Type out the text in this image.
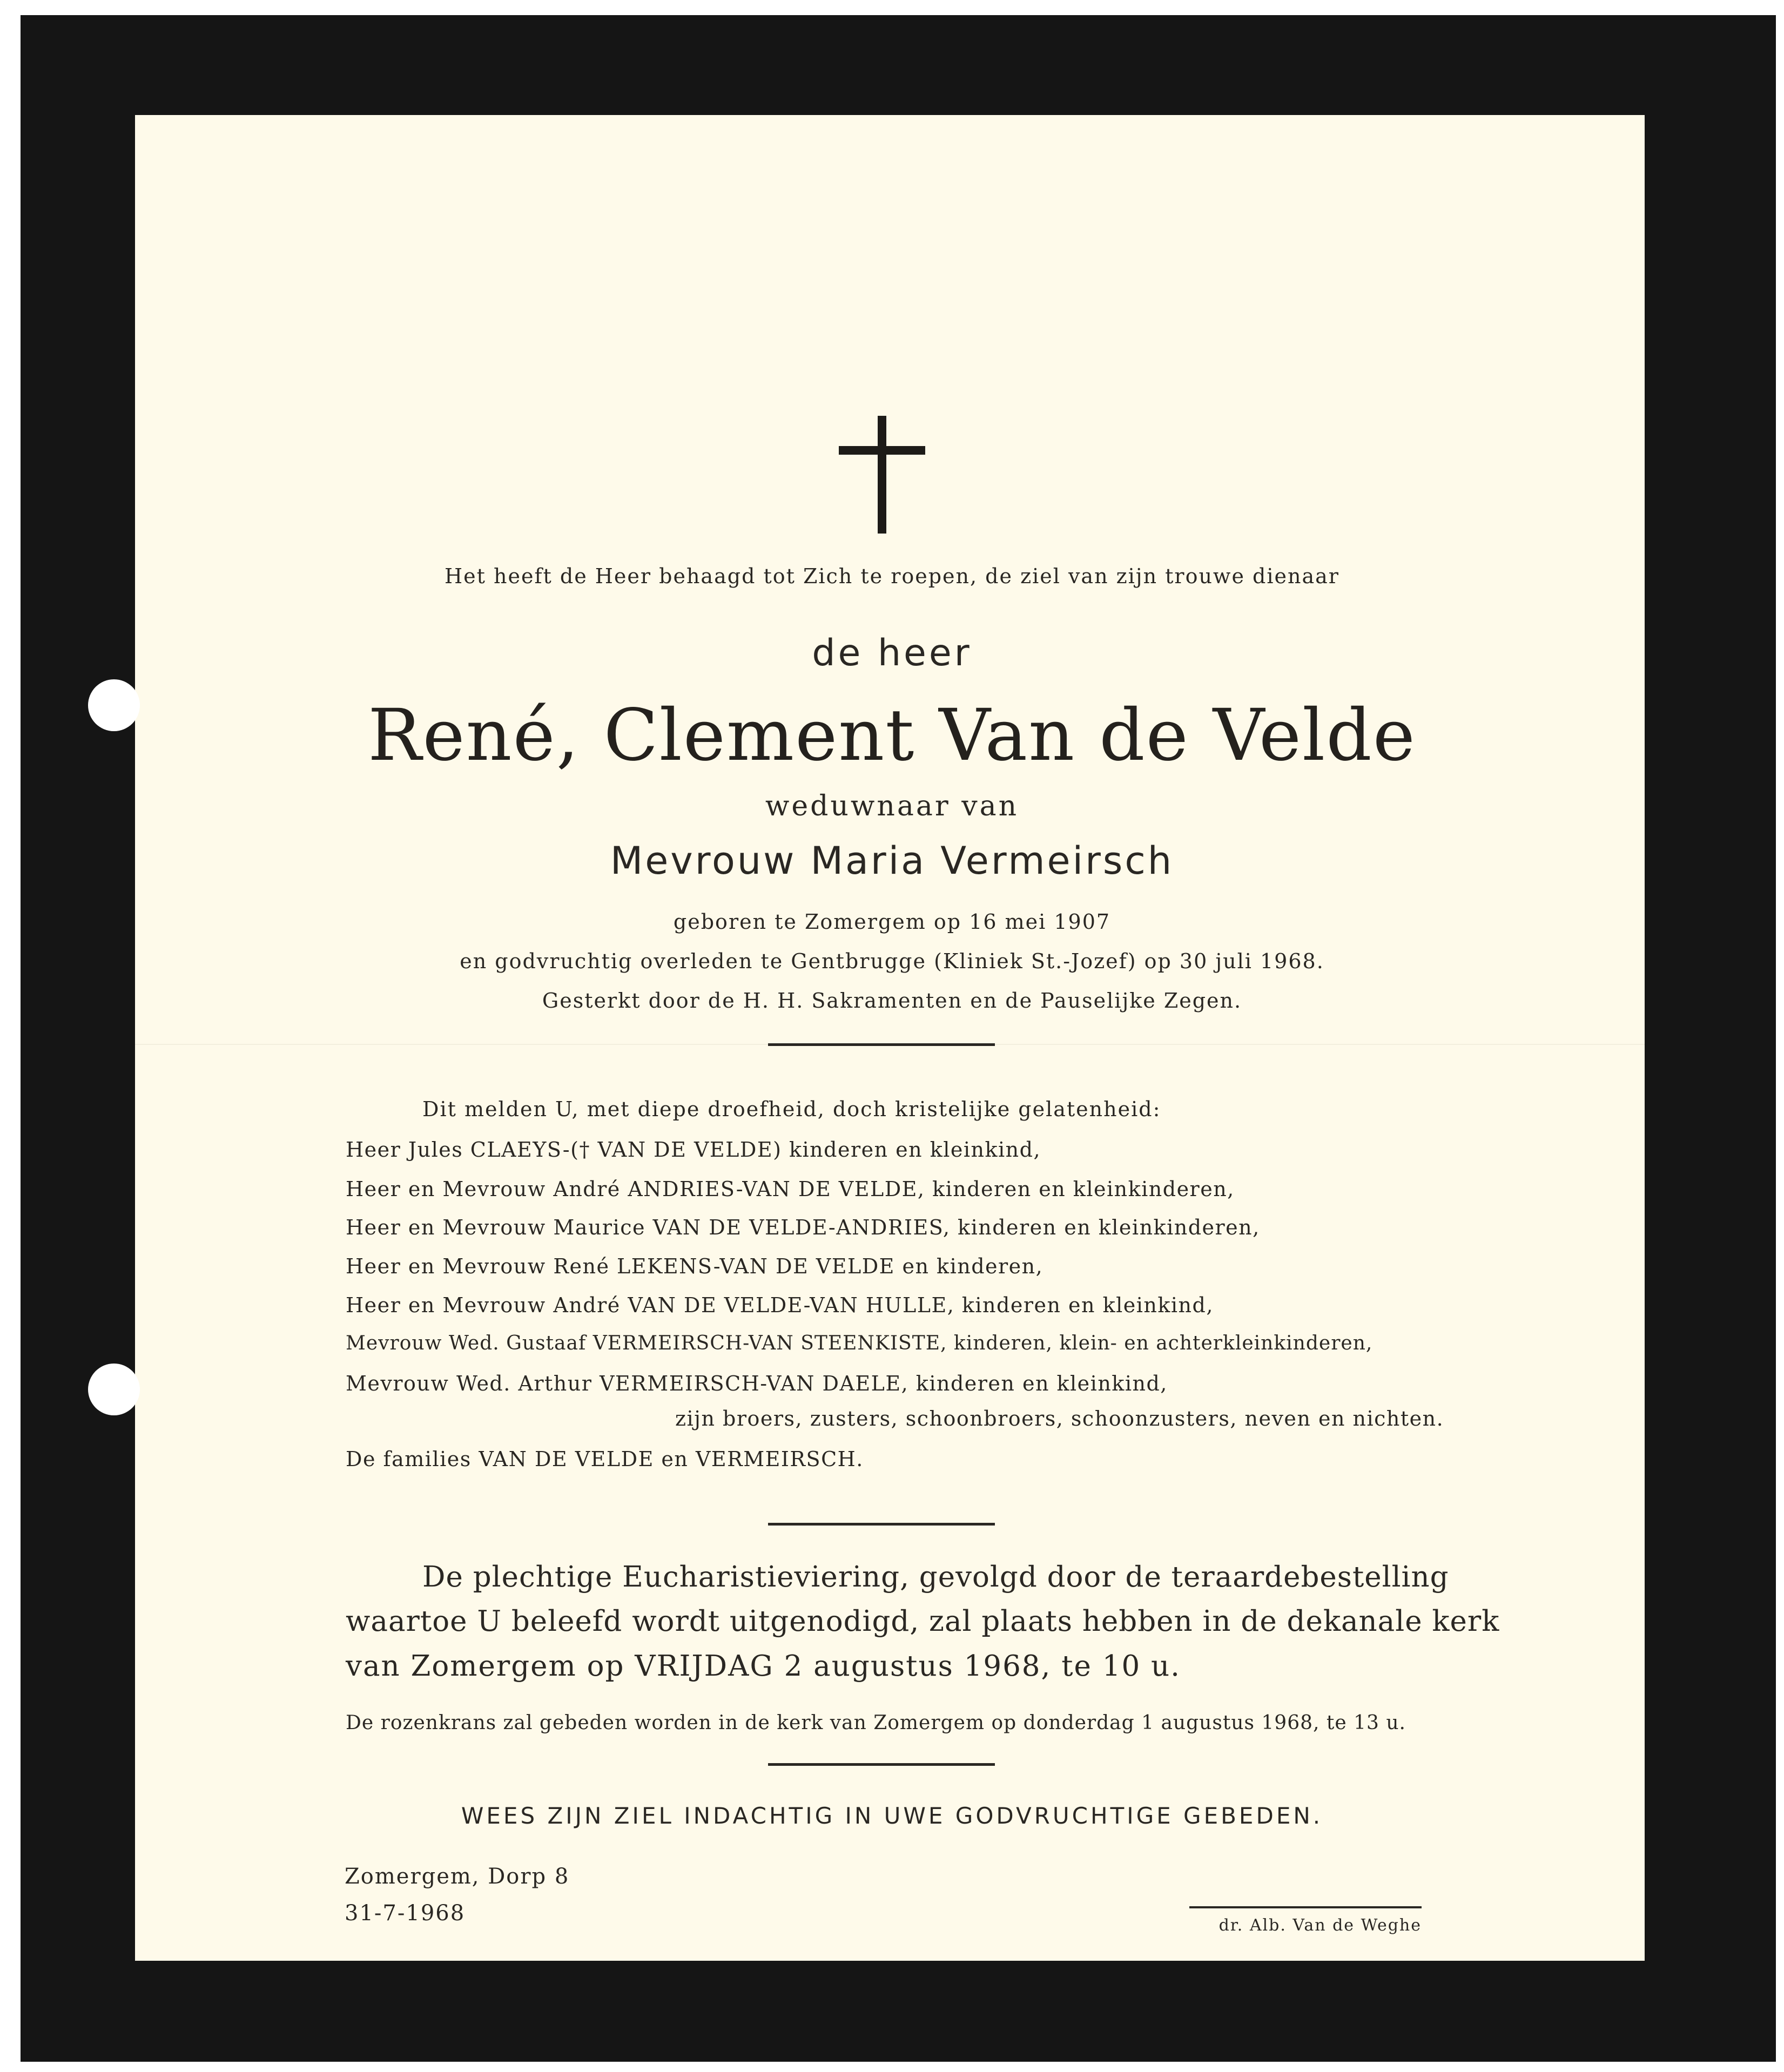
Het heeft de Heer behaagd tot Zich te roepen, de ziel van zijn trouwe dienaar
de heer
René, Clement Van de Velde
weduwnaar van
Mevrouw Maria Vermeirsch
geboren te Zomergem op 16 mei 1907
en godvruchtig overleden te Gentbrugge (Kliniek St.-Jozef) op 30 juli 1968.
Gesterkt door de H. H. Sakramenten en de Pauselijke Zegen.
Dit melden U, met diepe droefheid, doch kristelijke gelatenheid:
Heer Jules CLAEYS-(† VAN DE VELDE) kinderen en kleinkind,
Heer en Mevrouw André ANDRIES-VAN DE VELDE, kinderen en kleinkinderen,
Heer en Mevrouw Maurice VAN DE VELDE-ANDRIES, kinderen en kleinkinderen,
Heer en Mevrouw René LEKENS-VAN DE VELDE en kinderen,
Heer en Mevrouw André VAN DE VELDE-VAN HULLE, kinderen en kleinkind,
Mevrouw Wed. Gustaaf VERMEIRSCH-VAN STEENKISTE, kinderen, klein- en achterkleinkinderen,
Mevrouw Wed. Arthur VERMEIRSCH-VAN DAELE, kinderen en kleinkind,
zijn broers, zusters, schoonbroers, schoonzusters, neven en nichten.
De families VAN DE VELDE en VERMEIRSCH.
De plechtige Eucharistieviering, gevolgd door de teraardebestelling
waartoe U beleefd wordt uitgenodigd, zal plaats hebben in de dekanale kerk
van Zomergem op VRIJDAG 2 augustus 1968, te 10 u.
De rozenkrans zal gebeden worden in de kerk van Zomergem op donderdag 1 augustus 1968, te 13 u.
WEES ZIJN ZIEL INDACHTIG IN UWE GODVRUCHTIGE GEBEDEN.
Zomergem, Dorp 8
31-7-1968	dr. Alb. Van de Weghe
